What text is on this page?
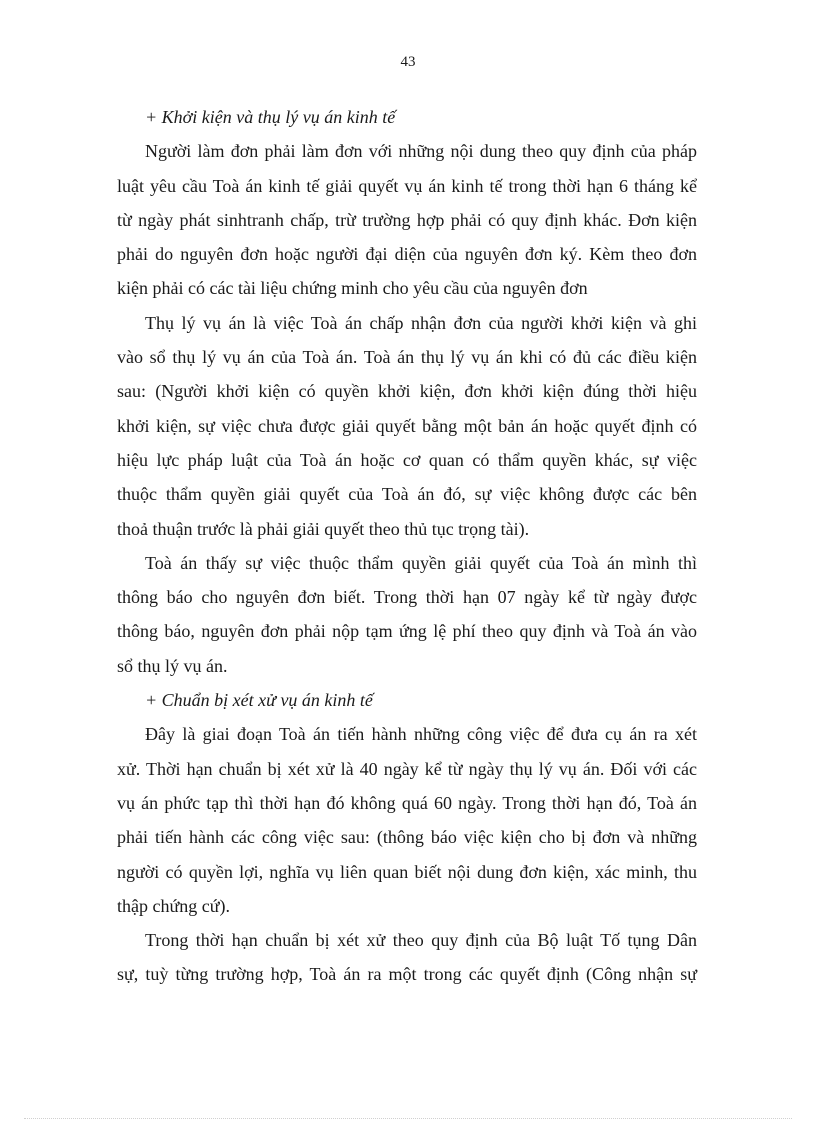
43

+ Khởi kiện và thụ lý vụ án kinh tế

Người làm đơn phải làm đơn với những nội dung theo quy định của pháp
luật yêu cầu Toà án kinh tế giải quyết vụ án kinh tế trong thời hạn 6 tháng kể
từ ngày phát sinhtranh chấp, trừ trường hợp phải có quy định khác. Đơn kiện
phải do nguyên đơn hoặc người đại diện của nguyên đơn ký. Kèm theo đơn
kiện phải có các tài liệu chứng minh cho yêu cầu của nguyên đơn

Thụ lý vụ án là việc Toà án chấp nhận đơn của người khởi kiện và ghi
vào sổ thụ lý vụ án của Toà án. Toà án thụ lý vụ án khi có đủ các điều kiện
sau: (Người khởi kiện có quyền khởi kiện, đơn khởi kiện đúng thời hiệu
khởi kiện, sự việc chưa được giải quyết bằng một bản án hoặc quyết định có
hiệu lực pháp luật của Toà án hoặc cơ quan có thẩm quyền khác, sự việc
thuộc thẩm quyền giải quyết của Toà án đó, sự việc không được các bên
thoả thuận trước là phải giải quyết theo thủ tục trọng tài).

Toà án thấy sự việc thuộc thẩm quyền giải quyết của Toà án mình thì
thông báo cho nguyên đơn biết. Trong thời hạn 07 ngày kể từ ngày được
thông báo, nguyên đơn phải nộp tạm ứng lệ phí theo quy định và Toà án vào
sổ thụ lý vụ án.

+ Chuẩn bị xét xử vụ án kinh tế

Đây là giai đoạn Toà án tiến hành những công việc để đưa cụ án ra xét
xử. Thời hạn chuẩn bị xét xử là 40 ngày kể từ ngày thụ lý vụ án. Đối với các
vụ án phức tạp thì thời hạn đó không quá 60 ngày. Trong thời hạn đó, Toà án
phải tiến hành các công việc sau: (thông báo việc kiện cho bị đơn và những
người có quyền lợi, nghĩa vụ liên quan biết nội dung đơn kiện, xác minh, thu
thập chứng cứ).

Trong thời hạn chuẩn bị xét xử theo quy định của Bộ luật Tố tụng Dân
sự, tuỳ từng trường hợp, Toà án ra một trong các quyết định (Công nhận sự
